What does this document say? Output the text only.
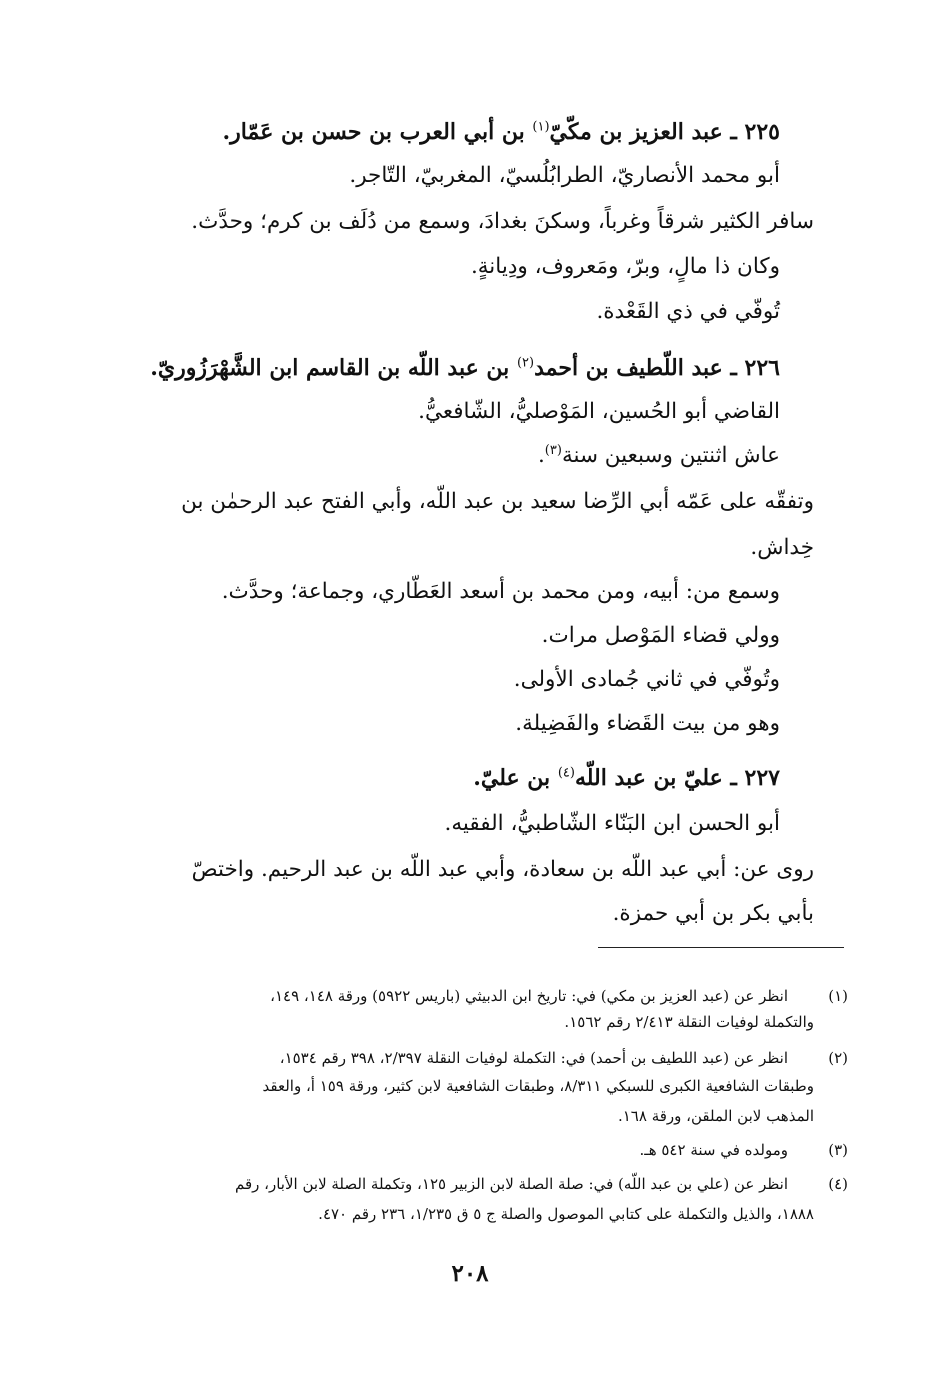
٢٢٥ ـ عبد العزيز بن مكّيّ$^{(١)}$ بن أبي العرب بن حسن بن عَمّار.
أبو محمد الأنصاريّ، الطرابُلُسيّ، المغربيّ، التّاجر.
سافر الكثير شرقاً وغرباً، وسكنَ بغدادَ، وسمع من دُلَف بن كرم؛ وحدَّث.
وكان ذا مالٍ، وبرّ، ومَعروف، ودِيانةٍ.
تُوفّي في ذي القَعْدة.
٢٢٦ ـ عبد اللّطيف بن أحمد$^{(٢)}$ بن عبد اللّه بن القاسم ابن الشَّهْرَزُوريّ.
القاضي أبو الحُسين، المَوْصليُّ، الشّافعيُّ.
عاش اثنتين وسبعين سنة$^{(٣)}$.
وتفقّه على عَمّه أبي الرِّضا سعيد بن عبد اللّه، وأبي الفتح عبد الرحمٰن بن
خِداش.
وسمع من: أبيه، ومن محمد بن أسعد العَطّاري، وجماعة؛ وحدَّث.
وولي قضاء المَوْصل مرات.
وتُوفّي في ثاني جُمادى الأولى.
وهو من بيت القَضاء والفَضِيلة.
٢٢٧ ـ عليّ بن عبد اللّه$^{(٤)}$ بن عليّ.
أبو الحسن ابن البَنّاء الشّاطبيُّ، الفقيه.
روى عن: أبي عبد اللّه بن سعادة، وأبي عبد اللّه بن عبد الرحيم. واختصّ
بأبي بكر بن أبي حمزة.
(١)
انظر عن (عبد العزيز بن مكي) في: تاريخ ابن الدبيثي (باريس ٥٩٢٢) ورقة ١٤٨، ١٤٩،
والتكملة لوفيات النقلة ٢/٤١٣ رقم ١٥٦٢.
(٢)
انظر عن (عبد اللطيف بن أحمد) في: التكملة لوفيات النقلة ٢/٣٩٧، ٣٩٨ رقم ١٥٣٤،
وطبقات الشافعية الكبرى للسبكي ٨/٣١١، وطبقات الشافعية لابن كثير، ورقة ١٥٩ أ، والعقد
المذهب لابن الملقن، ورقة ١٦٨.
(٣)
ومولده في سنة ٥٤٢ هـ.
(٤)
انظر عن (علي بن عبد اللّه) في: صلة الصلة لابن الزبير ١٢٥، وتكملة الصلة لابن الأبار، رقم
١٨٨٨، والذيل والتكملة على كتابي الموصول والصلة ج ٥ ق ١/٢٣٥، ٢٣٦ رقم ٤٧٠.
٢٠٨
